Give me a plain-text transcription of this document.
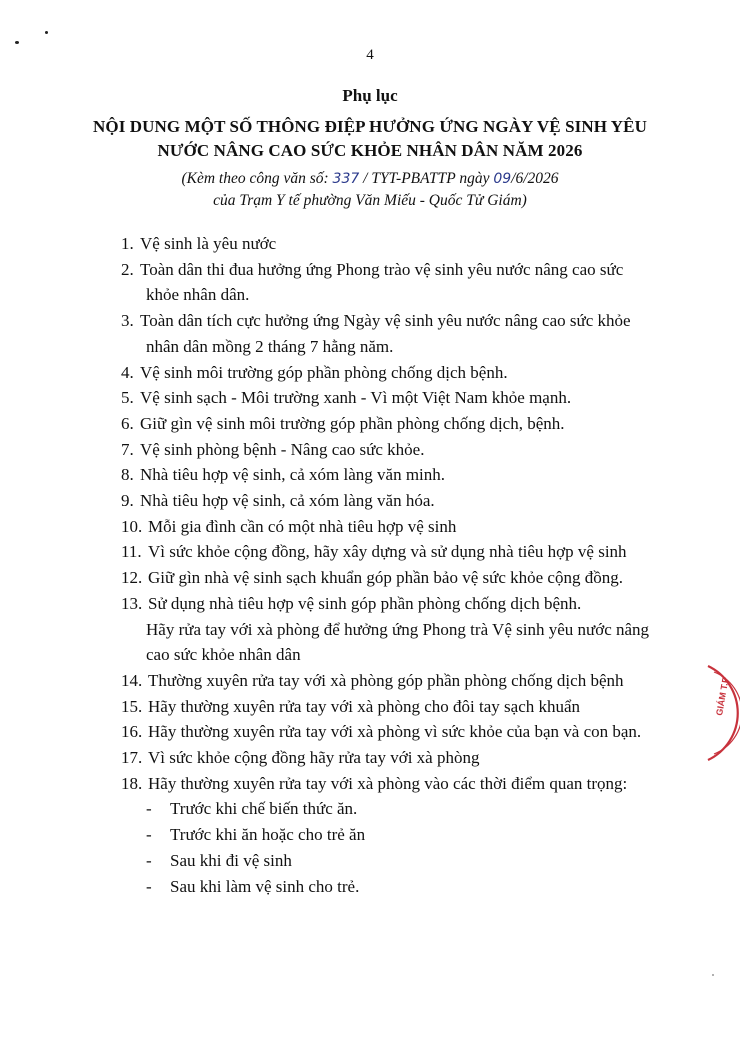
4
Phụ lục
NỘI DUNG MỘT SỐ THÔNG ĐIỆP HƯỞNG ỨNG NGÀY VỆ SINH YÊU
NƯỚC NÂNG CAO SỨC KHỎE NHÂN DÂN NĂM 2026
(Kèm theo công văn số: 337 / TYT-PBATTP ngày 09/6/2026
của Trạm Y tế phường Văn Miếu - Quốc Tử Giám)
1. Vệ sinh là yêu nước
2. Toàn dân thi đua hưởng ứng Phong trào vệ sinh yêu nước nâng cao sức
khỏe nhân dân.
3. Toàn dân tích cực hưởng ứng Ngày vệ sinh yêu nước nâng cao sức khỏe
nhân dân mồng 2 tháng 7 hằng năm.
4. Vệ sinh môi trường góp phần phòng chống dịch bệnh.
5. Vệ sinh sạch - Môi trường xanh - Vì một Việt Nam khỏe mạnh.
6. Giữ gìn vệ sinh môi trường góp phần phòng chống dịch, bệnh.
7. Vệ sinh phòng bệnh - Nâng cao sức khỏe.
8. Nhà tiêu hợp vệ sinh, cả xóm làng văn minh.
9. Nhà tiêu hợp vệ sinh, cả xóm làng văn hóa.
10. Mỗi gia đình cần có một nhà tiêu hợp vệ sinh
11. Vì sức khỏe cộng đồng, hãy xây dựng và sử dụng nhà tiêu hợp vệ sinh
12. Giữ gìn nhà vệ sinh sạch khuẩn góp phần bảo vệ sức khỏe cộng đồng.
13. Sử dụng nhà tiêu hợp vệ sinh góp phần phòng chống dịch bệnh.
Hãy rửa tay với xà phòng để hưởng ứng Phong trà Vệ sinh yêu nước nâng
cao sức khỏe nhân dân
14. Thường xuyên rửa tay với xà phòng góp phần phòng chống dịch bệnh
15. Hãy thường xuyên rửa tay với xà phòng cho đôi tay sạch khuẩn
16. Hãy thường xuyên rửa tay với xà phòng vì sức khỏe của bạn và con bạn.
17. Vì sức khỏe cộng đồng hãy rửa tay với xà phòng
18. Hãy thường xuyên rửa tay với xà phòng vào các thời điểm quan trọng:
- Trước khi chế biến thức ăn.
- Trước khi ăn hoặc cho trẻ ăn
- Sau khi đi vệ sinh
- Sau khi làm vệ sinh cho trẻ.
GIÁM T.P
